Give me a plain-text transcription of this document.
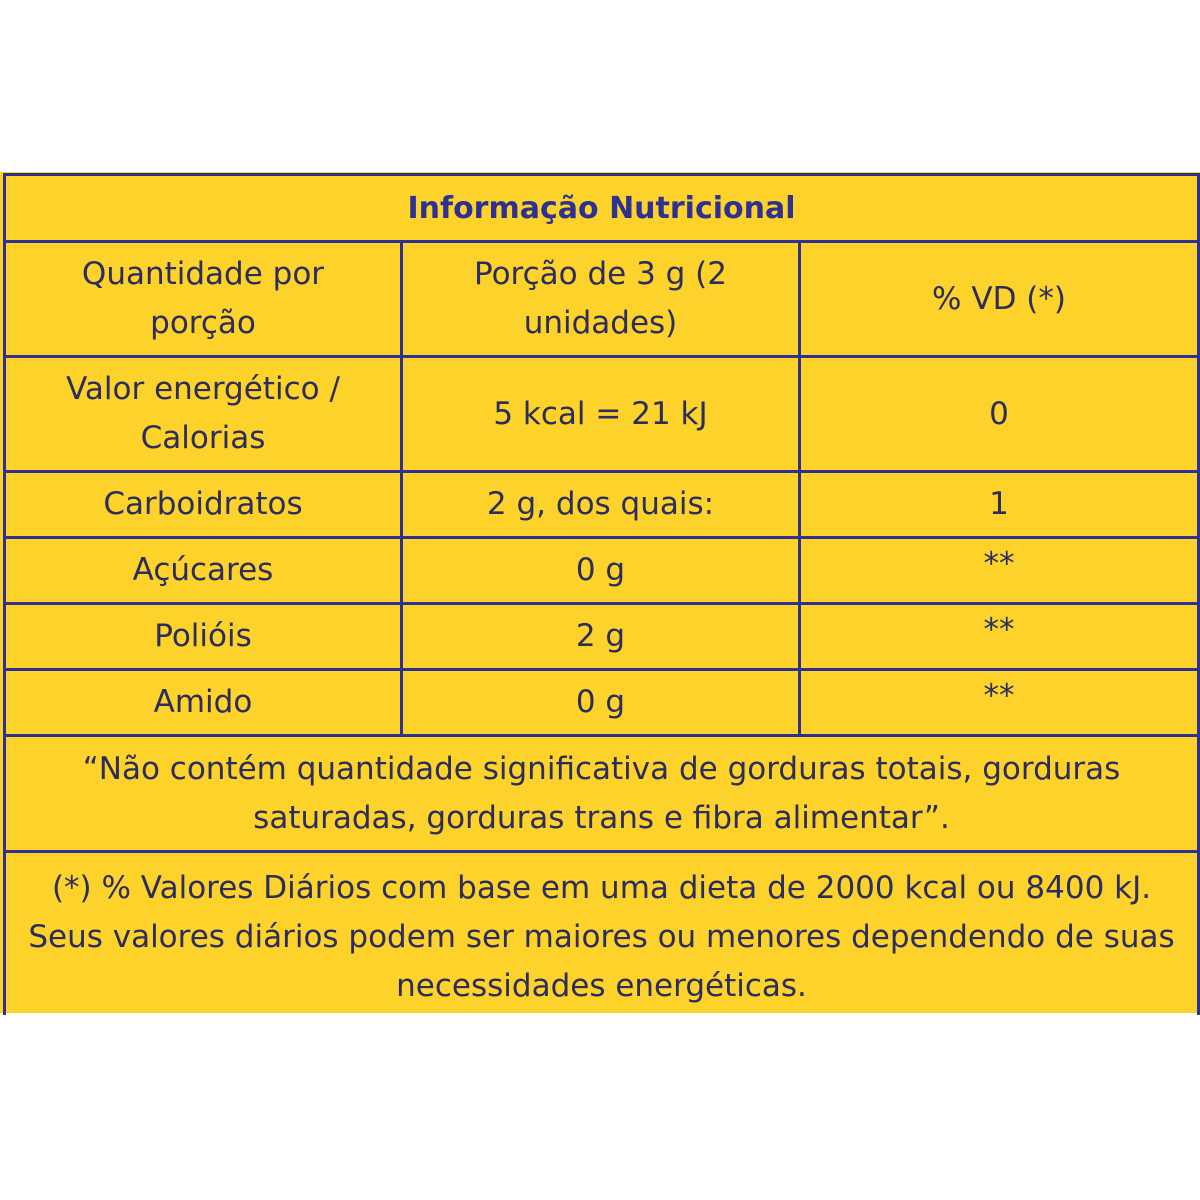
Informação Nutricional		
Quantidade por porção	Porção de 3 g (2 unidades)	% VD (*)
Valor energético / Calorias	5 kcal = 21 kJ	0
Carboidratos	2 g, dos quais:	1
Açúcares	0 g	**
Polióis	2 g	**
Amido	0 g	**
“Não contém quantidade significativa de gorduras totais, gorduras saturadas, gorduras trans e fibra alimentar”.		
(*) % Valores Diários com base em uma dieta de 2000 kcal ou 8400 kJ. Seus valores diários podem ser maiores ou menores dependendo de suas necessidades energéticas.		
